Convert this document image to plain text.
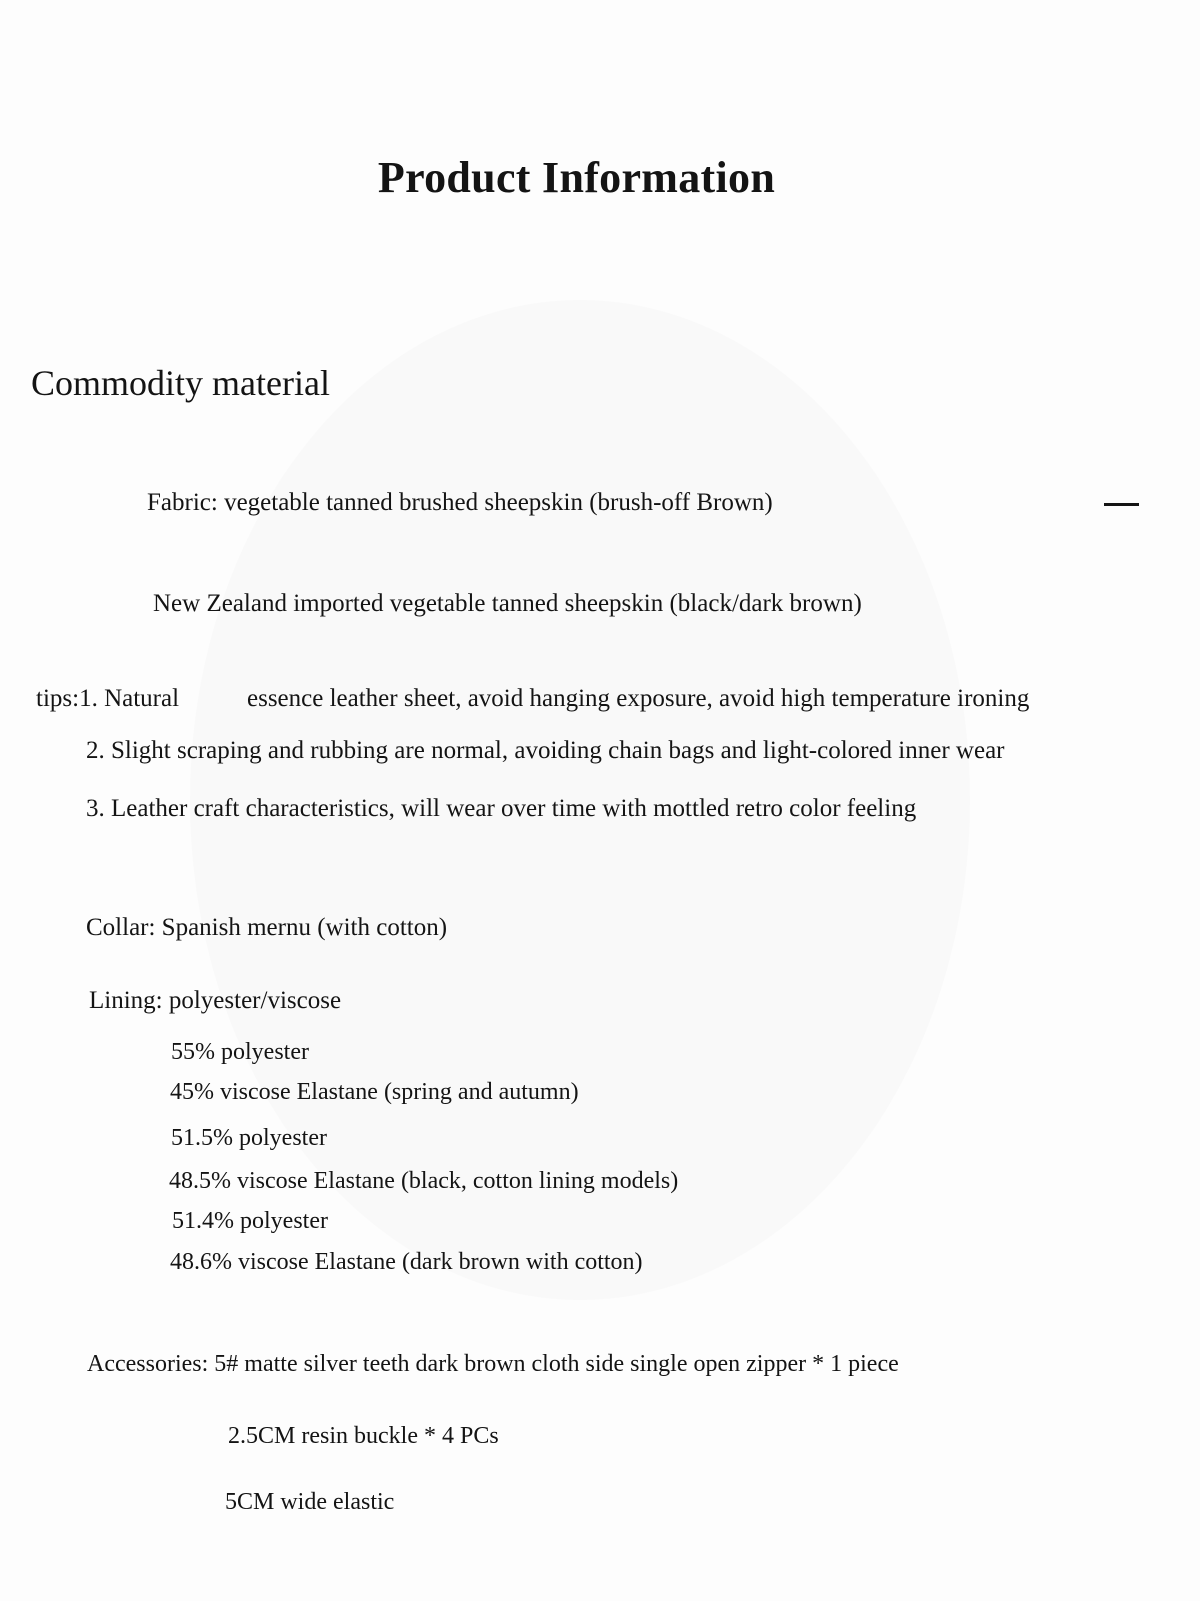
Product Information
Commodity material
Fabric: vegetable tanned brushed sheepskin (brush-off Brown)
New Zealand imported vegetable tanned sheepskin (black/dark brown)
tips:1. Natural	essence leather sheet, avoid hanging exposure, avoid high temperature ironing
2. Slight scraping and rubbing are normal, avoiding chain bags and light-colored inner wear
3. Leather craft characteristics, will wear over time with mottled retro color feeling
Collar: Spanish mernu (with cotton)
Lining: polyester/viscose
55% polyester
45% viscose Elastane (spring and autumn)
51.5% polyester
48.5% viscose Elastane (black, cotton lining models)
51.4% polyester
48.6% viscose Elastane (dark brown with cotton)
Accessories: 5# matte silver teeth dark brown cloth side single open zipper * 1 piece
2.5CM resin buckle * 4 PCs
5CM wide elastic
